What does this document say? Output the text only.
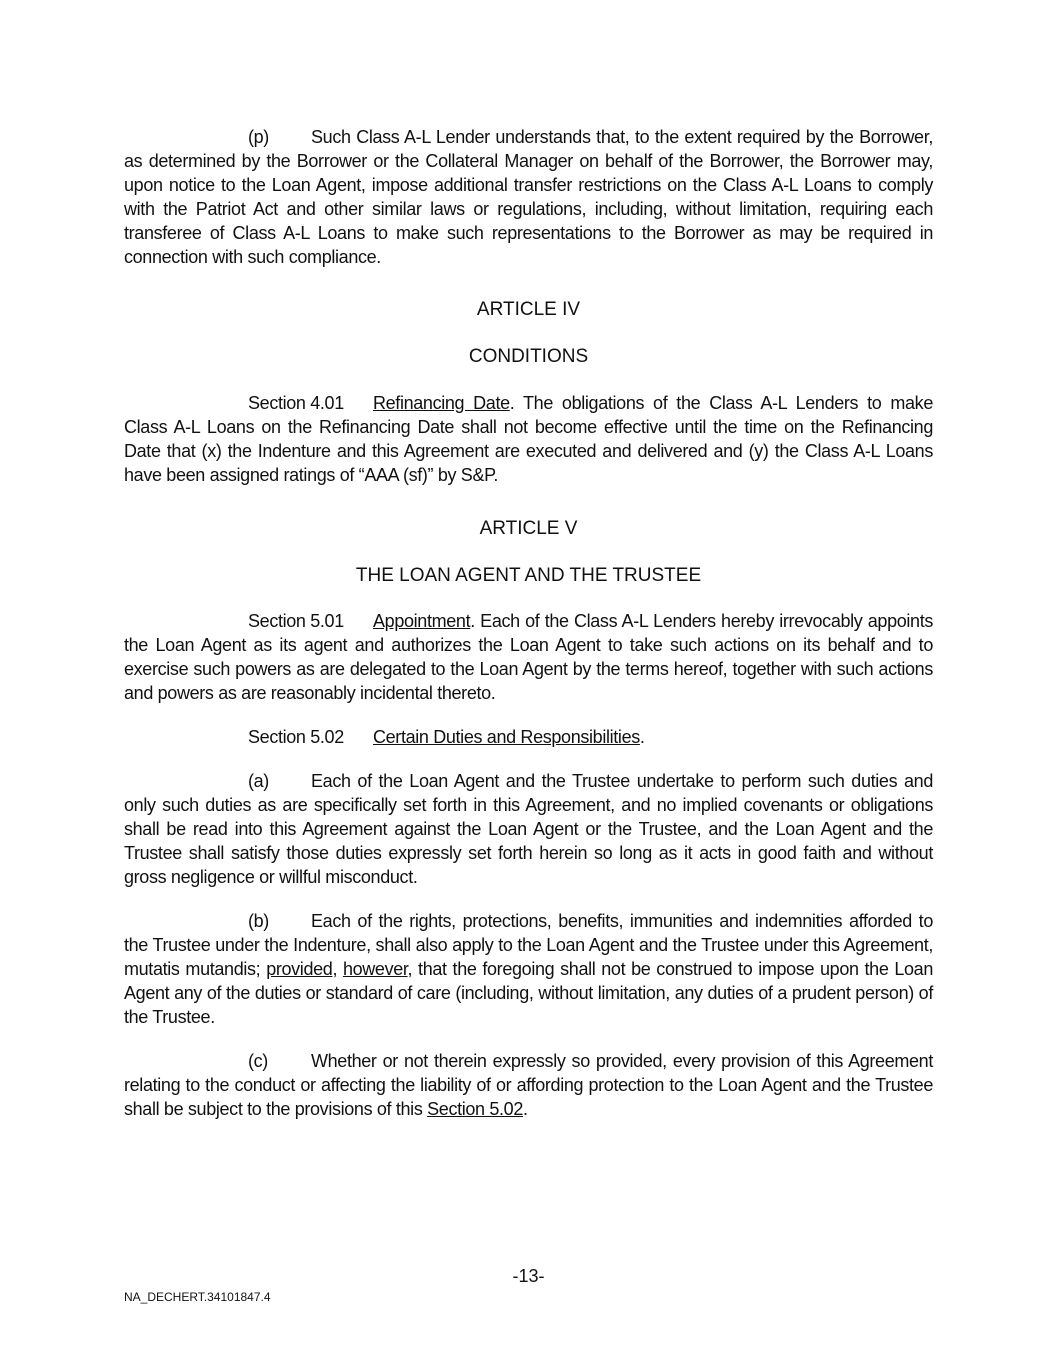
(p) Such Class A-L Lender understands that, to the extent required by the Borrower, as determined by the Borrower or the Collateral Manager on behalf of the Borrower, the Borrower may, upon notice to the Loan Agent, impose additional transfer restrictions on the Class A-L Loans to comply with the Patriot Act and other similar laws or regulations, including, without limitation, requiring each transferee of Class A-L Loans to make such representations to the Borrower as may be required in connection with such compliance.
ARTICLE IV
CONDITIONS
Section 4.01 Refinancing Date. The obligations of the Class A-L Lenders to make Class A-L Loans on the Refinancing Date shall not become effective until the time on the Refinancing Date that (x) the Indenture and this Agreement are executed and delivered and (y) the Class A-L Loans have been assigned ratings of “AAA (sf)” by S&P.
ARTICLE V
THE LOAN AGENT AND THE TRUSTEE
Section 5.01 Appointment. Each of the Class A-L Lenders hereby irrevocably appoints the Loan Agent as its agent and authorizes the Loan Agent to take such actions on its behalf and to exercise such powers as are delegated to the Loan Agent by the terms hereof, together with such actions and powers as are reasonably incidental thereto.
Section 5.02 Certain Duties and Responsibilities.
(a) Each of the Loan Agent and the Trustee undertake to perform such duties and only such duties as are specifically set forth in this Agreement, and no implied covenants or obligations shall be read into this Agreement against the Loan Agent or the Trustee, and the Loan Agent and the Trustee shall satisfy those duties expressly set forth herein so long as it acts in good faith and without gross negligence or willful misconduct.
(b) Each of the rights, protections, benefits, immunities and indemnities afforded to the Trustee under the Indenture, shall also apply to the Loan Agent and the Trustee under this Agreement, mutatis mutandis; provided, however, that the foregoing shall not be construed to impose upon the Loan Agent any of the duties or standard of care (including, without limitation, any duties of a prudent person) of the Trustee.
(c) Whether or not therein expressly so provided, every provision of this Agreement relating to the conduct or affecting the liability of or affording protection to the Loan Agent and the Trustee shall be subject to the provisions of this Section 5.02.
-13-
NA_DECHERT.34101847.4
